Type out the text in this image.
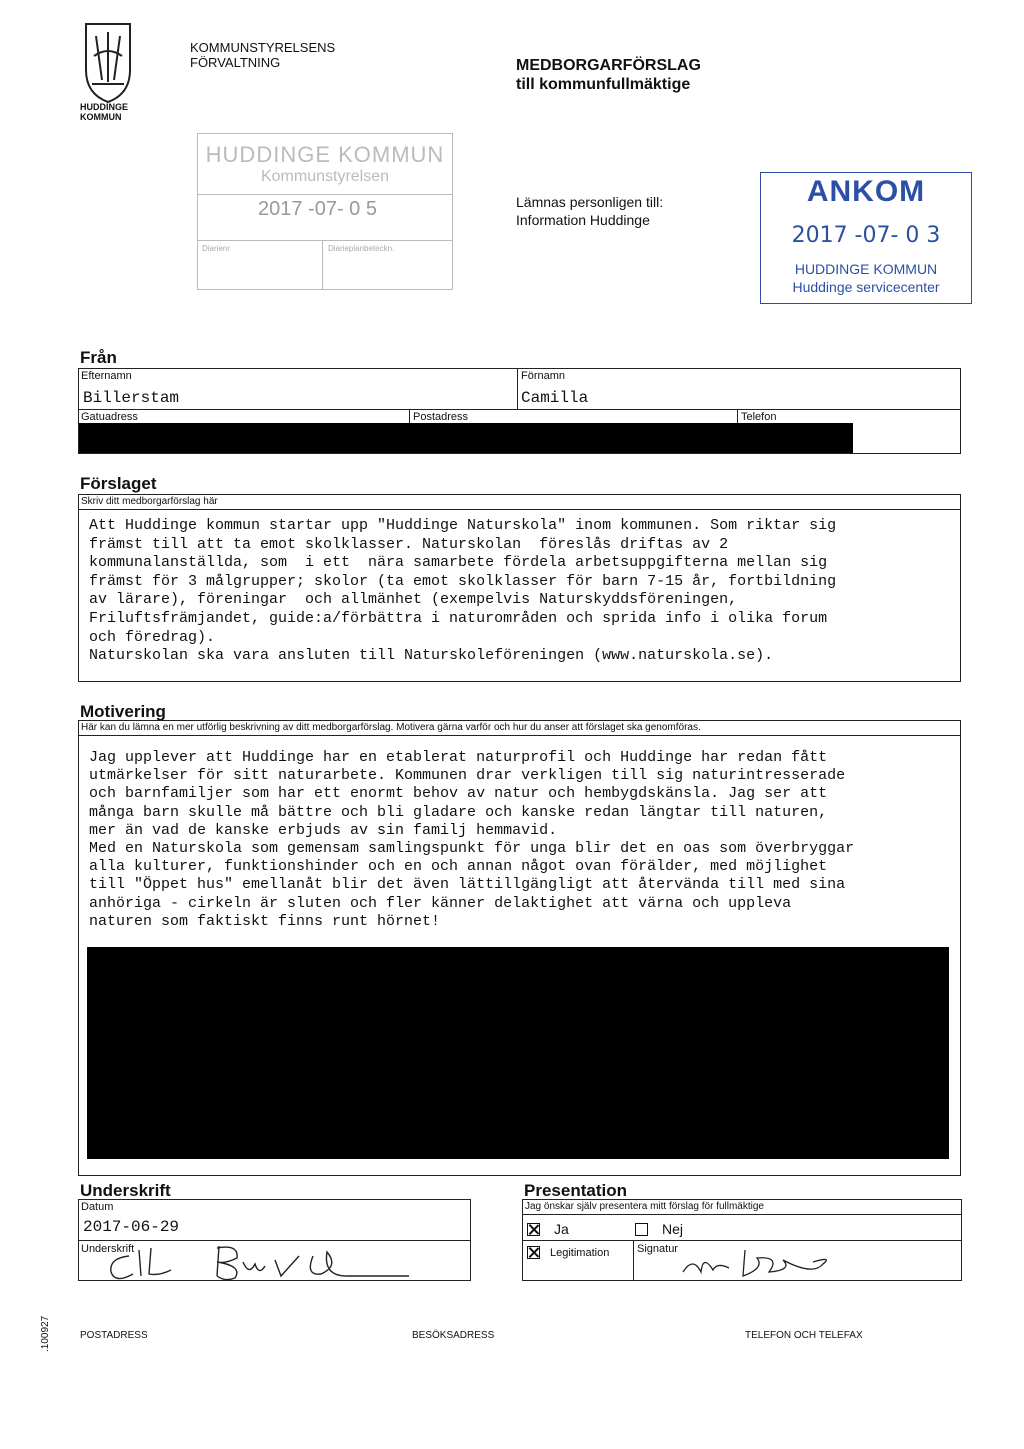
HUDDINGE KOMMUN
KOMMUNSTYRELSENS
FÖRVALTNING	MEDBORGARFÖRSLAG
till kommunfullmäktige
HUDDINGE KOMMUN
Kommunstyrelsen
2017 -07- 0 5
Diarienr	Diarieplanbeteckn.
Lämnas personligen till:
Information Huddinge
ANKOM
2017 -07- 0 3
HUDDINGE KOMMUN
Huddinge servicecenter
Från
Efternamn
Billerstam
Förnamn
Camilla
Gatuadress	Postadress	Telefon
Förslaget
Skriv ditt medborgarförslag här
Att Huddinge kommun startar upp "Huddinge Naturskola" inom kommunen. Som riktar sig
främst till att ta emot skolklasser. Naturskolan  föreslås driftas av 2
kommunalanställda, som  i ett  nära samarbete fördela arbetsuppgifterna mellan sig
främst för 3 målgrupper; skolor (ta emot skolklasser för barn 7-15 år, fortbildning
av lärare), föreningar  och allmänhet (exempelvis Naturskyddsföreningen,
Friluftsfrämjandet, guide:a/förbättra i naturområden och sprida info i olika forum
och föredrag).
Naturskolan ska vara ansluten till Naturskoleföreningen (www.naturskola.se).
Motivering
Här kan du lämna en mer utförlig beskrivning av ditt medborgarförslag. Motivera gärna varför och hur du anser att förslaget ska genomföras.
Jag upplever att Huddinge har en etablerat naturprofil och Huddinge har redan fått
utmärkelser för sitt naturarbete. Kommunen drar verkligen till sig naturintresserade
och barnfamiljer som har ett enormt behov av natur och hembygdskänsla. Jag ser att
många barn skulle må bättre och bli gladare och kanske redan längtar till naturen,
mer än vad de kanske erbjuds av sin familj hemmavid.
Med en Naturskola som gemensam samlingspunkt för unga blir det en oas som överbryggar
alla kulturer, funktionshinder och en och annan något ovan förälder, med möjlighet
till "Öppet hus" emellanåt blir det även lättillgängligt att återvända till med sina
anhöriga - cirkeln är sluten och fler känner delaktighet att värna och uppleva
naturen som faktiskt finns runt hörnet!
Underskrift
Datum
2017-06-29
Underskrift
Presentation
Jag önskar själv presentera mitt förslag för fullmäktige
Ja	Nej
Legitimation	Signatur
.100927	POSTADRESS	BESÖKSADRESS	TELEFON OCH TELEFAX
